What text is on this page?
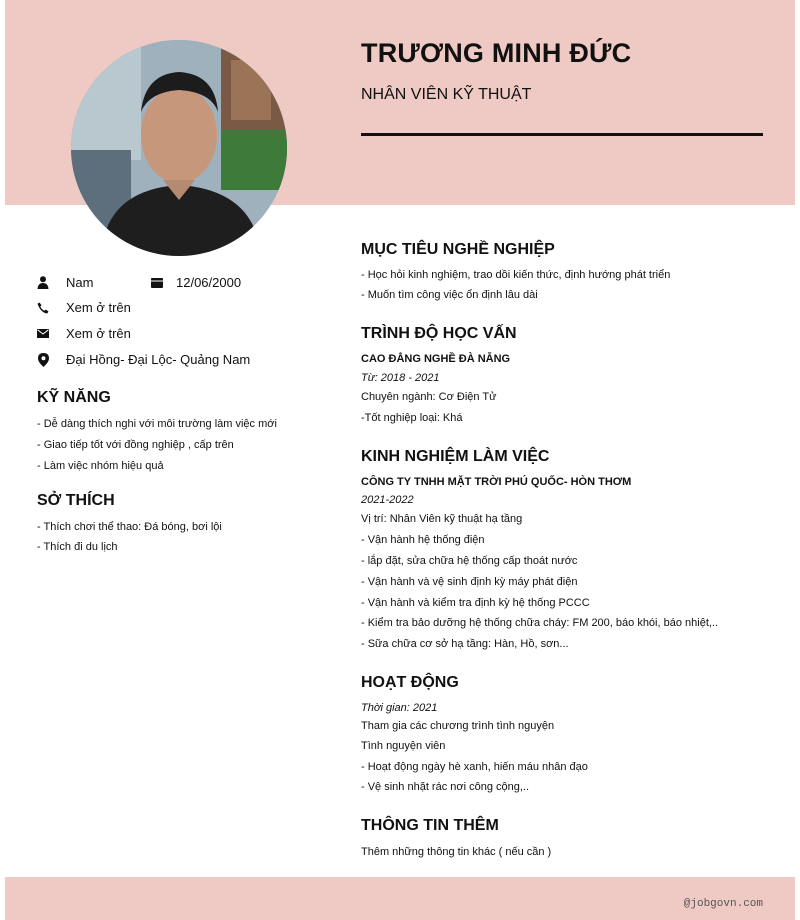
TRƯƠNG MINH ĐỨC
NHÂN VIÊN KỸ THUẬT
Nam	12/06/2000
Xem ở trên
Xem ở trên
Đại Hồng- Đại Lộc- Quảng Nam
KỸ NĂNG
- Dễ dàng thích nghi với môi trường làm việc mới
- Giao tiếp tốt với đồng nghiệp , cấp trên
- Làm việc nhóm hiệu quả
SỞ THÍCH
- Thích chơi thể thao: Đá bóng, bơi lội
- Thích đi du lịch
MỤC TIÊU NGHỀ NGHIỆP
- Học hỏi kinh nghiệm, trao dồi kiến thức, định hướng phát triển
- Muốn tìm công việc ổn định lâu dài
TRÌNH ĐỘ HỌC VẤN
CAO ĐẲNG NGHỀ ĐÀ NẴNG
Từ: 2018 - 2021
Chuyên ngành: Cơ Điện Tử
-Tốt nghiệp loại: Khá
KINH NGHIỆM LÀM VIỆC
CÔNG TY TNHH MẶT TRỜI PHÚ QUỐC- HÒN THƠM
2021-2022
Vị trí: Nhân Viên kỹ thuật hạ tầng
- Vận hành hệ thống điện
- lắp đặt, sửa chữa hệ thống cấp thoát nước
- Vận hành và vệ sinh định kỳ máy phát điện
- Vận hành và kiểm tra định kỳ hệ thống PCCC
- Kiểm tra bảo dưỡng hệ thống chữa cháy: FM 200, báo khói, báo nhiệt,..
- Sữa chữa cơ sở hạ tầng: Hàn, Hồ, sơn...
HOẠT ĐỘNG
Thời gian: 2021
Tham gia các chương trình tình nguyện
Tình nguyện viên
- Hoạt động ngày hè xanh, hiến máu nhân đạo
- Vệ sinh nhặt rác nơi công cộng,..
THÔNG TIN THÊM
Thêm những thông tin khác ( nếu cần )
@jobgovn.com
